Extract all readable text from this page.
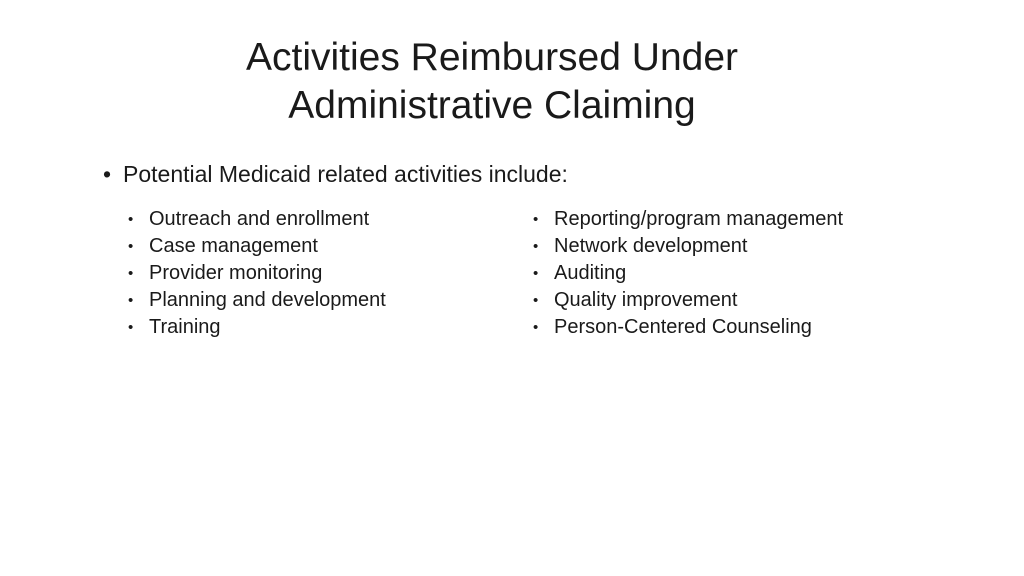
Activities Reimbursed Under
Administrative Claiming
• Potential Medicaid related activities include:
• Outreach and enrollment
• Case management
• Provider monitoring
• Planning and development
• Training
• Reporting/program management
• Network development
• Auditing
• Quality improvement
• Person-Centered Counseling
